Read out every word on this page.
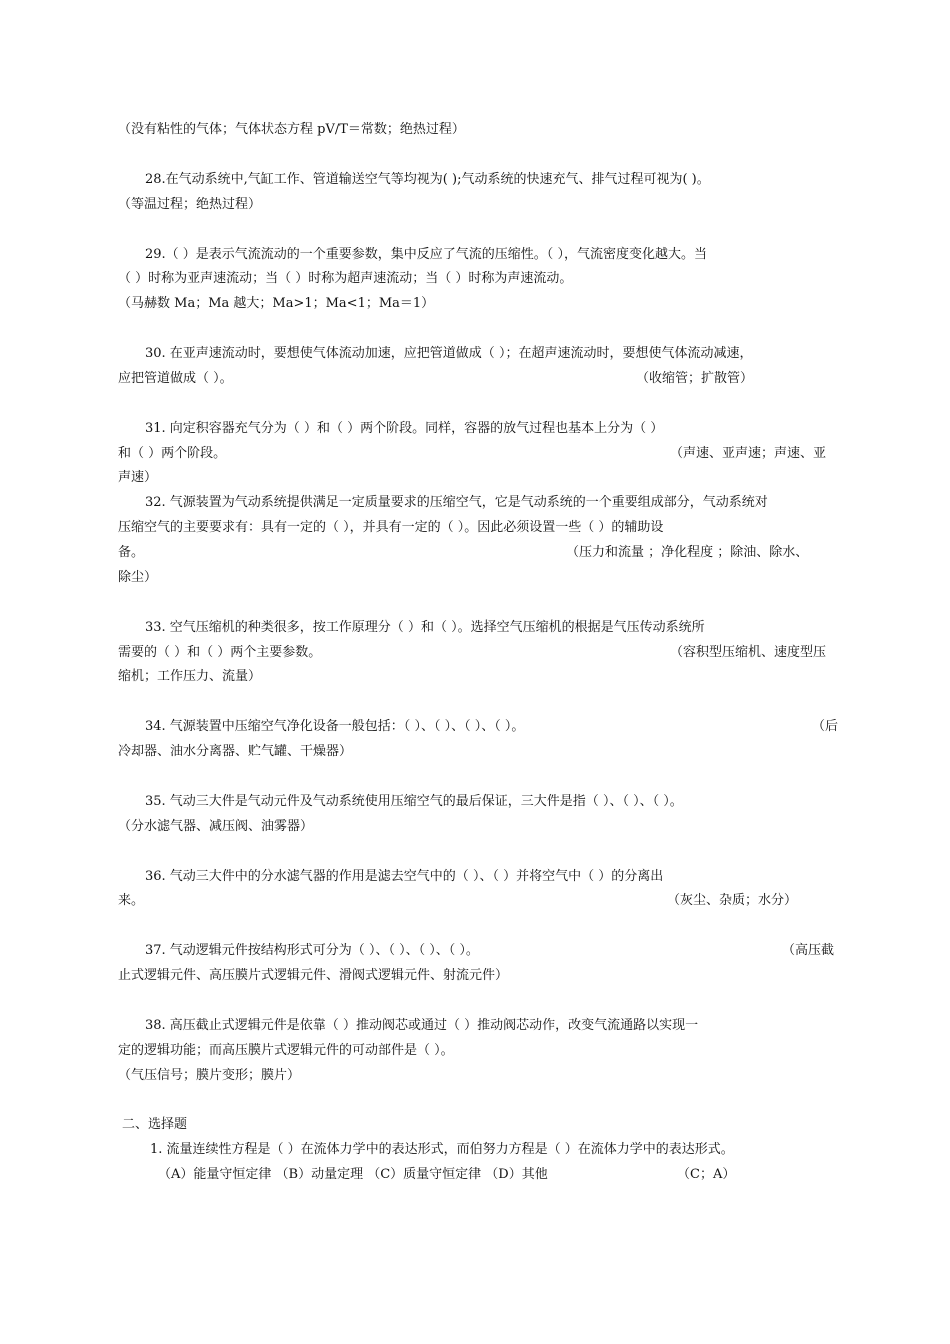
（没有粘性的气体；气体状态方程 pV/T＝常数；绝热过程）
28.在气动系统中,气缸工作、管道输送空气等均视为( );气动系统的快速充气、排气过程可视为( )。
（等温过程；绝热过程）
29.（ ）是表示气流流动的一个重要参数，集中反应了气流的压缩性。（ ），气流密度变化越大。当
（ ）时称为亚声速流动；当（ ）时称为超声速流动；当（ ）时称为声速流动。
（马赫数 Ma；Ma 越大；Ma>1；Ma<1；Ma＝1）
30. 在亚声速流动时，要想使气体流动加速，应把管道做成（ ）；在超声速流动时，要想使气体流动减速，
应把管道做成（ ）。	（收缩管；扩散管）
31. 向定积容器充气分为（ ）和（ ）两个阶段。同样，容器的放气过程也基本上分为（ ）
和（ ）两个阶段。	（声速、亚声速；声速、亚
声速）
32. 气源装置为气动系统提供满足一定质量要求的压缩空气，它是气动系统的一个重要组成部分，气动系统对
压缩空气的主要要求有：具有一定的（ ），并具有一定的（ ）。因此必须设置一些（ ）的辅助设
备。	（压力和流量 ；净化程度 ；除油、除水、
除尘）
33. 空气压缩机的种类很多，按工作原理分（ ）和（ ）。选择空气压缩机的根据是气压传动系统所
需要的（ ）和（ ）两个主要参数。	（容积型压缩机、速度型压
缩机；工作压力、流量）
34. 气源装置中压缩空气净化设备一般包括：（ ）、（ ）、（ ）、（ ）。	（后
冷却器、油水分离器、贮气罐、干燥器）
35. 气动三大件是气动元件及气动系统使用压缩空气的最后保证，三大件是指（ ）、（ ）、（ ）。
（分水滤气器、减压阀、油雾器）
36. 气动三大件中的分水滤气器的作用是滤去空气中的（ ）、（ ）并将空气中（ ）的分离出
来。	（灰尘、杂质；水分）
37. 气动逻辑元件按结构形式可分为（ ）、（ ）、（ ）、（ ）。	（高压截
止式逻辑元件、高压膜片式逻辑元件、滑阀式逻辑元件、射流元件）
38. 高压截止式逻辑元件是依靠（ ）推动阀芯或通过（ ）推动阀芯动作，改变气流通路以实现一
定的逻辑功能；而高压膜片式逻辑元件的可动部件是（ ）。
（气压信号；膜片变形；膜片）
二、选择题
1. 流量连续性方程是（ ）在流体力学中的表达形式，而伯努力方程是（ ）在流体力学中的表达形式。
（A）能量守恒定律 （B）动量定理 （C）质量守恒定律 （D）其他	（C；A）
